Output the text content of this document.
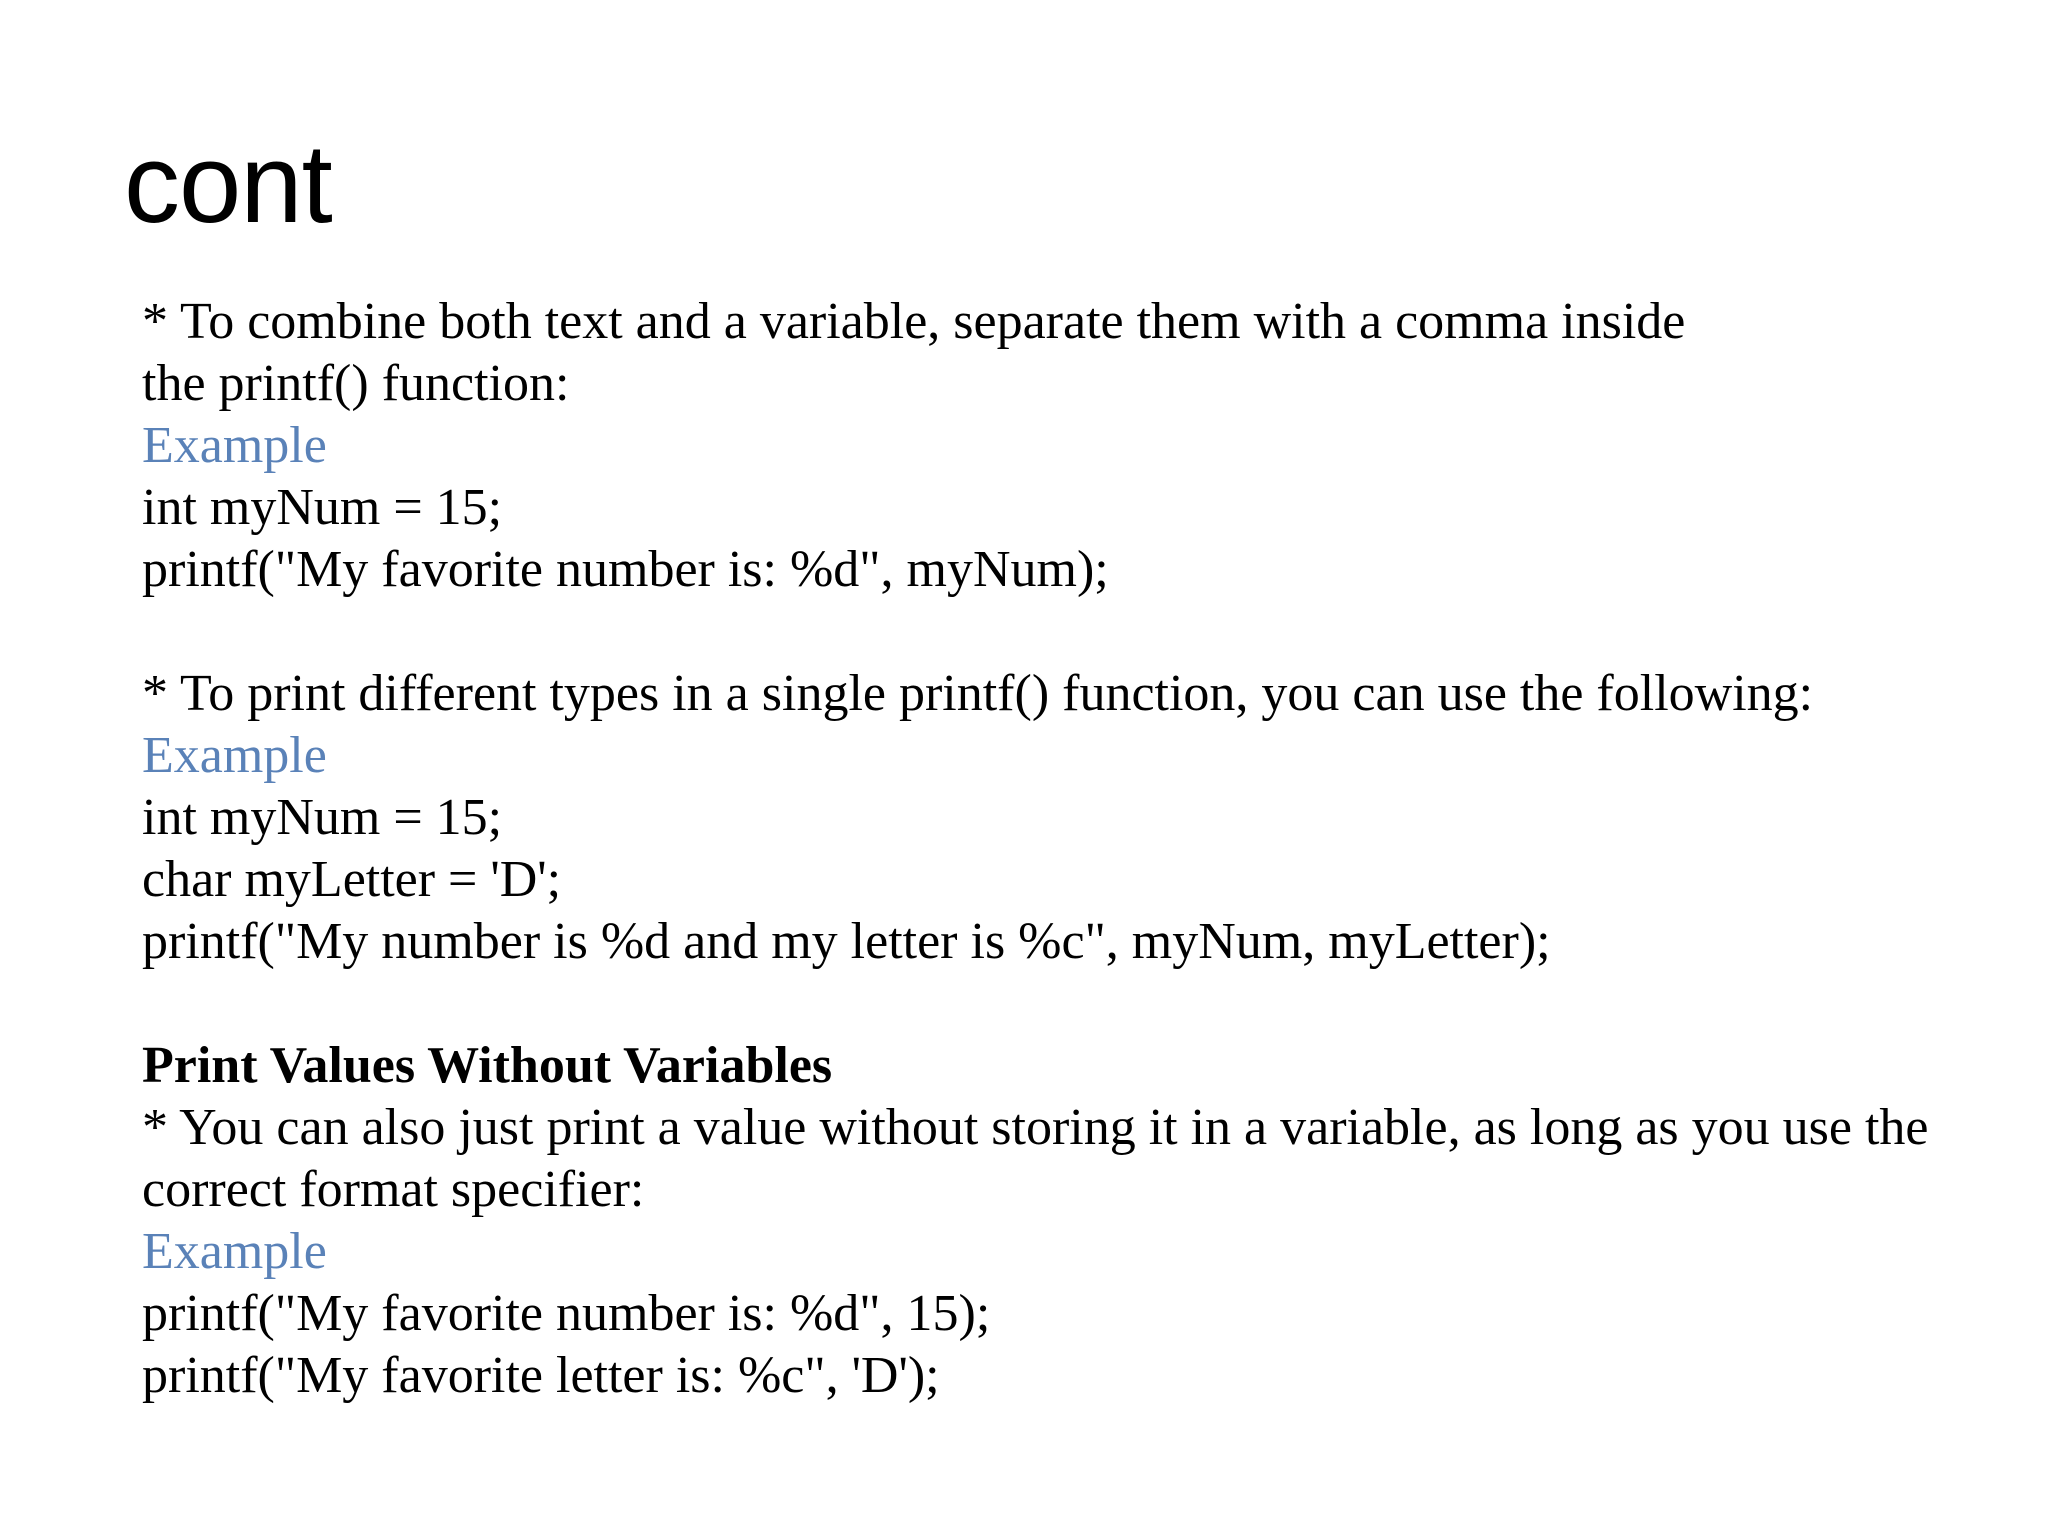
cont
* To combine both text and a variable, separate them with a comma inside
the printf() function:
Example
int myNum = 15;
printf("My favorite number is: %d", myNum);
* To print different types in a single printf() function, you can use the following:
Example
int myNum = 15;
char myLetter = 'D';
printf("My number is %d and my letter is %c", myNum, myLetter);
Print Values Without Variables
* You can also just print a value without storing it in a variable, as long as you use the
correct format specifier:
Example
printf("My favorite number is: %d", 15);
printf("My favorite letter is: %c", 'D');
